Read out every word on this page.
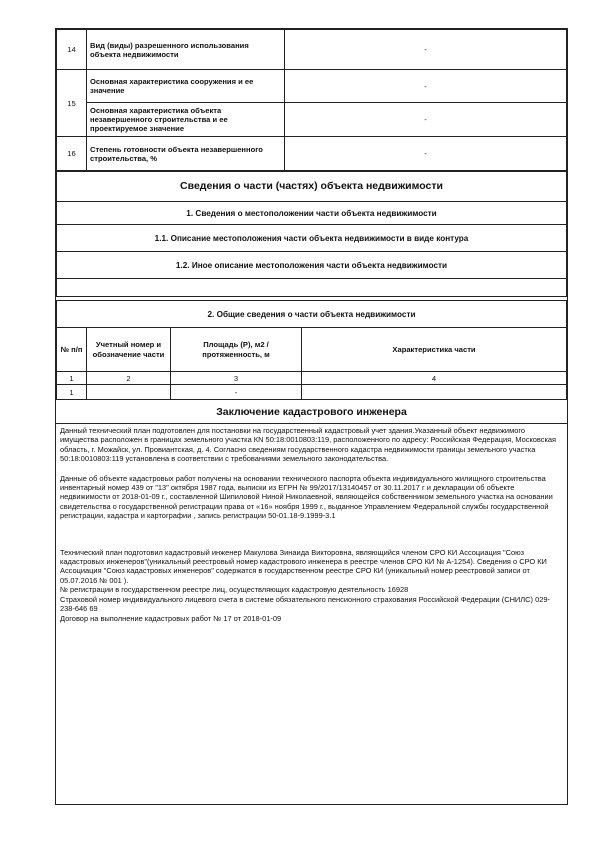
14	Вид (виды) разрешенного использования объекта недвижимости	-
15	Основная характеристика сооружения и ее значение	-
	Основная характеристика объекта незавершенного строительства и ее проектируемое значение	-
16	Степень готовности объекта незавершенного строительства, %	-
Сведения о части (частях) объекта недвижимости
1. Сведения о местоположении части объекта недвижимости
1.1. Описание местоположения части объекта недвижимости в виде контура
1.2. Иное описание местоположения части объекта недвижимости

2. Общие сведения о части объекта недвижимости			
№ п/п	Учетный номер и обозначение части	Площадь (Р), м2 / протяженность, м	Характеристика части
1	2	3	4
1		-	
Заключение кадастрового инженера

Данный технический план подготовлен для постановки на государственный кадастровый учет здания.Указанный объект недвижимого имущества расположен в границах земельного участка КN 50:18:0010803:119, расположенного по адресу: Российская Федерация, Московская область, г. Можайск, ул. Провиантская, д. 4. Согласно сведениям государственного кадастра недвижимости границы земельного участка 50:18:0010803:119 установлена в соответствии с требованиями земельного законодательства.

Данные об объекте кадастровых работ получены на основании технического паспорта объекта индивидуального жилищного строительства инвентарный номер 439 от "13" октября 1987 года, выписки из ЕГРН № 99/2017/13140457 от 30.11.2017 г и декларации об объекте недвижимости от 2018-01-09 г., составленной Шипиловой Ниной Николаевной, являющейся собственником земельного участка на основании свидетельства о государственной регистрации права от «16» ноября 1999 г., выданное Управлением Федеральной службы государственной регистрации, кадастра и картографии , запись регистрации 50-01.18-9.1999-3.1

Технический план подготовил кадастровый инженер Макулова Зинаида Викторовна, являющийся членом СРО КИ Ассоциация "Союз кадастровых инженеров"(уникальный реестровый номер кадастрового инженера в реестре членов СРО КИ № А-1254). Сведения о СРО КИ Ассоциация "Союз кадастровых инженеров" содержатся в государственном реестре СРО КИ (уникальный номер реестровой записи от 05.07.2016 № 001 ).

№ регистрации в государственном реестре лиц, осуществляющих кадастровую деятельность 16928

Страховой номер индивидуального лицевого счета в системе обязательного пенсионного страхования Российской Федерации (СНИЛС) 029-238-646 69

Договор на выполнение кадастровых работ № 17 от 2018-01-09
